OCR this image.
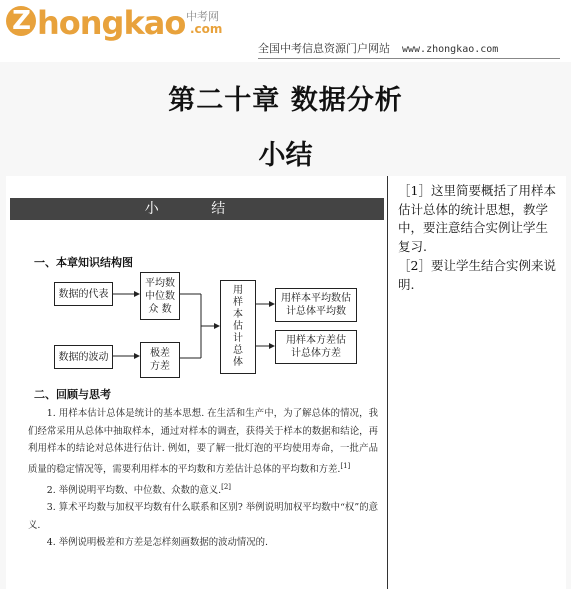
Z hongkao 中考网
.com
全国中考信息资源门户网站 www.zhongkao.com
第二十章 数据分析
小结
小 结
［1］这里简要概括了用样本估计总体的统计思想，教学中，要注意结合实例让学生复习.
［2］要让学生结合实例来说明.
一、本章知识结构图
数据的代表
平均数
中位数
众 数
数据的波动	极差
方差
用
样
本
估
计
总
体
用样本平均数估
计总体平均数
用样本方差估
计总体方差
二、回顾与思考

1. 用样本估计总体是统计的基本思想. 在生活和生产中，为了解总体的情况，我们经常采用从总体中抽取样本，通过对样本的调查，获得关于样本的数据和结论，再利用样本的结论对总体进行估计. 例如，要了解一批灯泡的平均使用寿命，一批产品质量的稳定情况等，需要利用样本的平均数和方差估计总体的平均数和方差.[1]

2. 举例说明平均数、中位数、众数的意义.[2]

3. 算术平均数与加权平均数有什么联系和区别? 举例说明加权平均数中“权”的意义.

4. 举例说明极差和方差是怎样刻画数据的波动情况的.
